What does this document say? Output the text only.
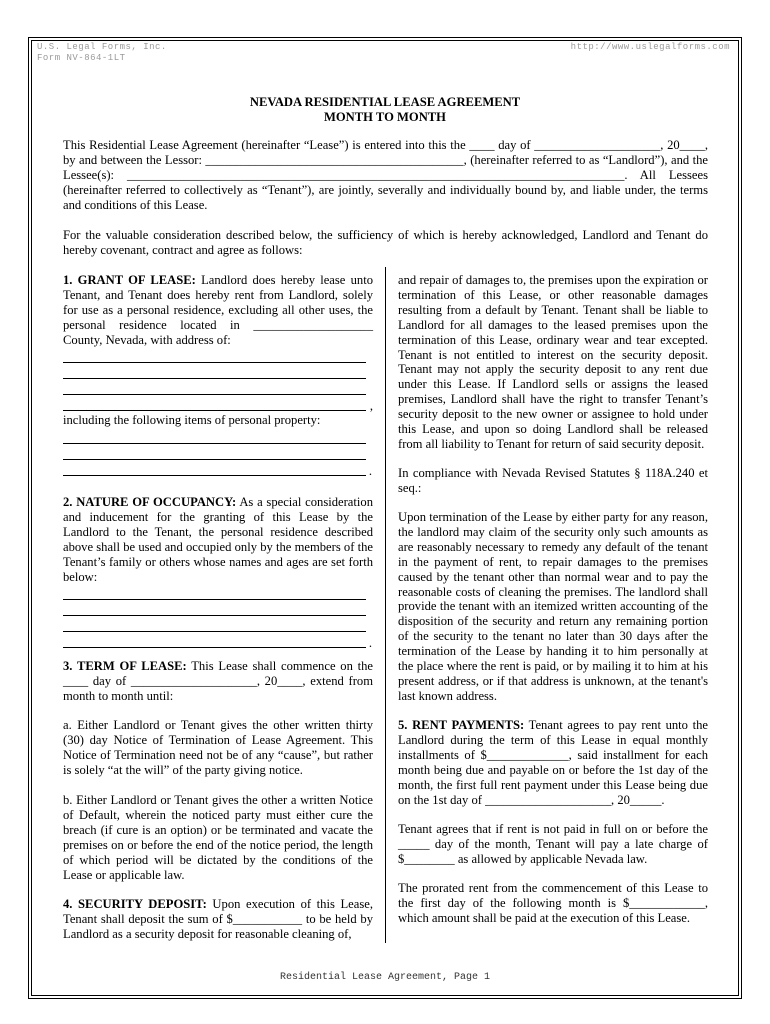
U.S. Legal Forms, Inc.
Form NV-864-1LT
http://www.uslegalforms.com
NEVADA RESIDENTIAL LEASE AGREEMENT
MONTH TO MONTH

This Residential Lease Agreement (hereinafter “Lease”) is entered into this the ____ day of ____________________, 20____, by and between the Lessor: _________________________________________, (hereinafter referred to as “Landlord”), and the Lessee(s): _______________________________________________________________________________. All Lessees (hereinafter referred to collectively as “Tenant”), are jointly, severally and individually bound by, and liable under, the terms and conditions of this Lease.

For the valuable consideration described below, the sufficiency of which is hereby acknowledged, Landlord and Tenant do hereby covenant, contract and agree as follows:

1. GRANT OF LEASE: Landlord does hereby lease unto Tenant, and Tenant does hereby rent from Landlord, solely for use as a personal residence, excluding all other uses, the personal residence located in ___________________ County, Nevada, with address of:

,

including the following items of personal property:

.

2. NATURE OF OCCUPANCY: As a special consideration and inducement for the granting of this Lease by the Landlord to the Tenant, the personal residence described above shall be used and occupied only by the members of the Tenant’s family or others whose names and ages are set forth below:

.

3. TERM OF LEASE: This Lease shall commence on the ____ day of ____________________, 20____, extend from month to month until:

a. Either Landlord or Tenant gives the other written thirty (30) day Notice of Termination of Lease Agreement. This Notice of Termination need not be of any “cause”, but rather is solely “at the will” of the party giving notice.

b. Either Landlord or Tenant gives the other a written Notice of Default, wherein the noticed party must either cure the breach (if cure is an option) or be terminated and vacate the premises on or before the end of the notice period, the length of which period will be dictated by the conditions of the Lease or applicable law.

4. SECURITY DEPOSIT: Upon execution of this Lease, Tenant shall deposit the sum of $___________ to be held by Landlord as a security deposit for reasonable cleaning of,

and repair of damages to, the premises upon the expiration or termination of this Lease, or other reasonable damages resulting from a default by Tenant. Tenant shall be liable to Landlord for all damages to the leased premises upon the termination of this Lease, ordinary wear and tear excepted. Tenant is not entitled to interest on the security deposit. Tenant may not apply the security deposit to any rent due under this Lease. If Landlord sells or assigns the leased premises, Landlord shall have the right to transfer Tenant’s security deposit to the new owner or assignee to hold under this Lease, and upon so doing Landlord shall be released from all liability to Tenant for return of said security deposit.

In compliance with Nevada Revised Statutes § 118A.240 et seq.:

Upon termination of the Lease by either party for any reason, the landlord may claim of the security only such amounts as are reasonably necessary to remedy any default of the tenant in the payment of rent, to repair damages to the premises caused by the tenant other than normal wear and to pay the reasonable costs of cleaning the premises. The landlord shall provide the tenant with an itemized written accounting of the disposition of the security and return any remaining portion of the security to the tenant no later than 30 days after the termination of the Lease by handing it to him personally at the place where the rent is paid, or by mailing it to him at his present address, or if that address is unknown, at the tenant's last known address.

5. RENT PAYMENTS: Tenant agrees to pay rent unto the Landlord during the term of this Lease in equal monthly installments of $_____________, said installment for each month being due and payable on or before the 1st day of the month, the first full rent payment under this Lease being due on the 1st day of ____________________, 20_____.

Tenant agrees that if rent is not paid in full on or before the _____ day of the month, Tenant will pay a late charge of $________ as allowed by applicable Nevada law.

The prorated rent from the commencement of this Lease to the first day of the following month is $____________, which amount shall be paid at the execution of this Lease.

Residential Lease Agreement, Page 1
